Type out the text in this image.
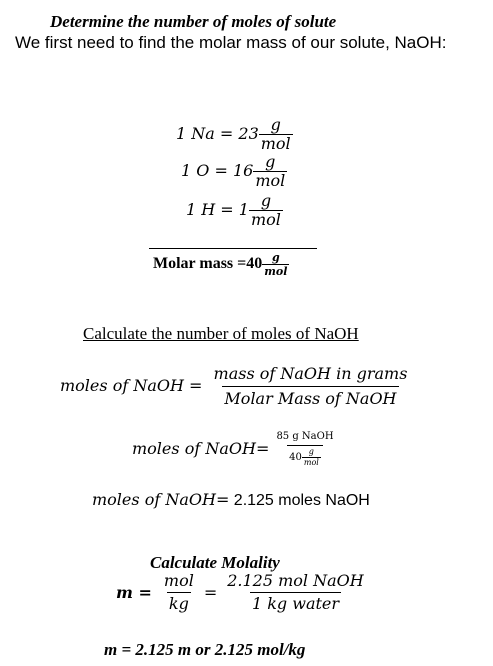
Determine the number of moles of solute
We first need to find the molar mass of our solute, NaOH:
1 $Na = 23 \frac{g}{\text{mol}}$
1 $O = 16 \frac{g}{\text{mol}}$
1 $H = 1 \frac{g}{\text{mol}}$
Molar mass $=40 \frac{g}{\text{mol}}$
Calculate the number of moles of NaOH
moles of NaOH = $\frac{\text{mass of NaOH in grams}}{\text{Molar Mass of NaOH}}$
moles of NaOH= $\frac{\text{85 g NaOH}}{40 \frac{g}{\text{mol}}}$
moles of NaOH= 2.125 moles NaOH
Calculate Molality
$m = \frac{\text{mol}}{kg} = \frac{\text{2.125 mol NaOH}}{\text{1 kg water}}$
m = 2.125 m or 2.125 mol/kg
